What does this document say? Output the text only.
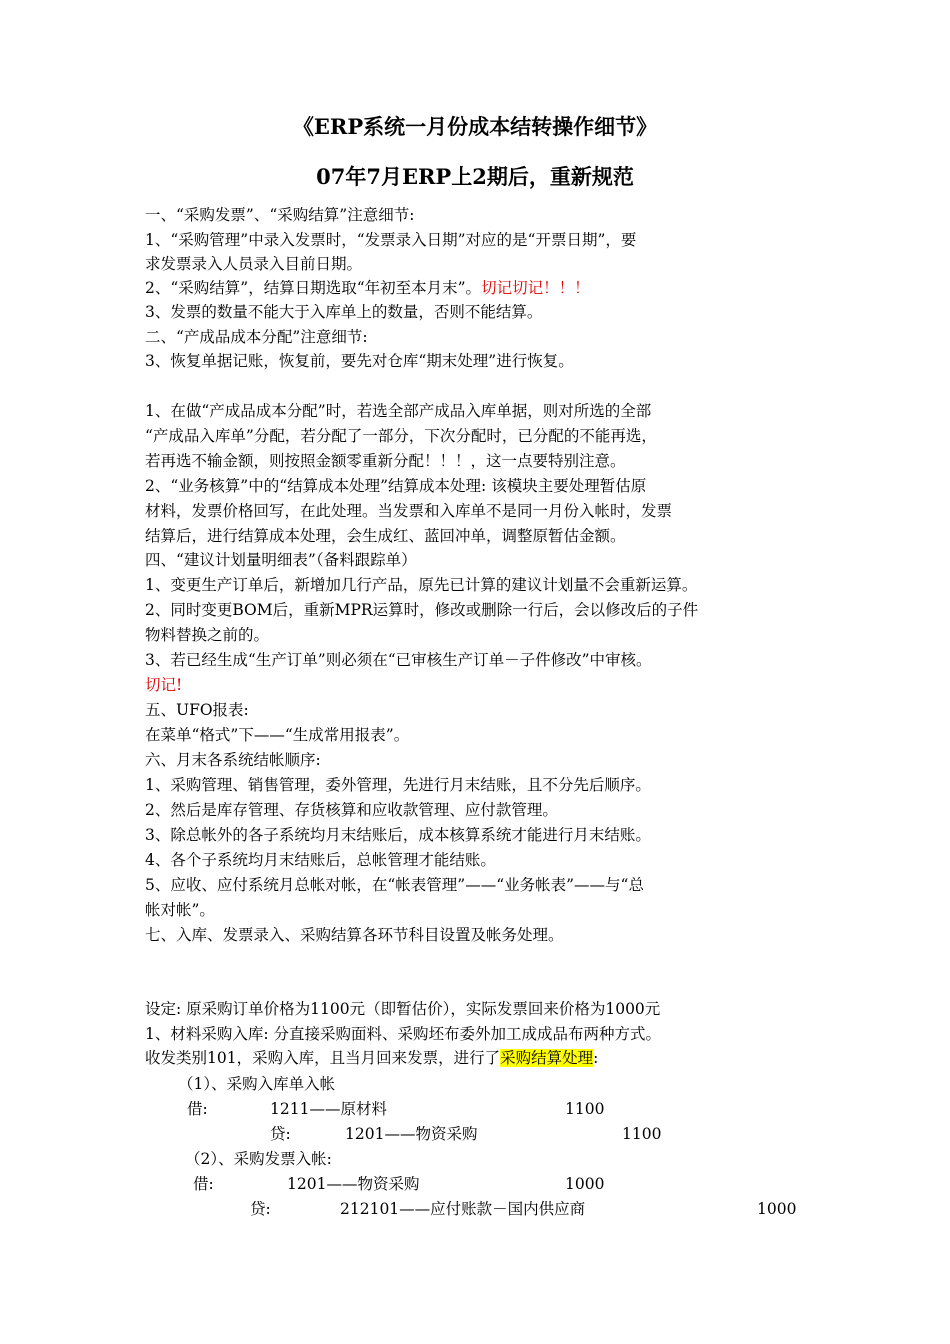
《ERP系统一月份成本结转操作细节》
07年7月ERP上2期后，重新规范
一、“采购发票”、“采购结算”注意细节:
1、“采购管理”中录入发票时，“发票录入日期”对应的是“开票日期”，要
求发票录入人员录入目前日期。
2、“采购结算”，结算日期选取“年初至本月末”。切记切记！！！
3、发票的数量不能大于入库单上的数量，否则不能结算。
二、“产成品成本分配”注意细节:
3、恢复单据记账，恢复前，要先对仓库“期末处理”进行恢复。
1、在做“产成品成本分配”时，若选全部产成品入库单据，则对所选的全部
“产成品入库单”分配，若分配了一部分，下次分配时，已分配的不能再选，
若再选不输金额，则按照金额零重新分配！！！，这一点要特别注意。
2、“业务核算”中的“结算成本处理”结算成本处理: 该模块主要处理暂估原
材料，发票价格回写，在此处理。当发票和入库单不是同一月份入帐时，发票
结算后，进行结算成本处理，会生成红、蓝回冲单，调整原暂估金额。
四、“建议计划量明细表”（备料跟踪单）
1、变更生产订单后，新增加几行产品，原先已计算的建议计划量不会重新运算。
2、同时变更BOM后，重新MPR运算时，修改或删除一行后，会以修改后的子件
物料替换之前的。
3、若已经生成“生产订单”则必须在“已审核生产订单－子件修改”中审核。
切记!
五、UFO报表:
在菜单“格式”下——“生成常用报表”。
六、月末各系统结帐顺序:
1、采购管理、销售管理，委外管理，先进行月末结账，且不分先后顺序。
2、然后是库存管理、存货核算和应收款管理、应付款管理。
3、除总帐外的各子系统均月末结账后，成本核算系统才能进行月末结账。
4、各个子系统均月末结账后，总帐管理才能结账。
5、应收、应付系统月总帐对帐，在“帐表管理”——“业务帐表”——与“总
帐对帐”。
七、入库、发票录入、采购结算各环节科目设置及帐务处理。
设定: 原采购订单价格为1100元（即暂估价），实际发票回来价格为1000元
1、材料采购入库: 分直接采购面料、采购坯布委外加工成成品布两种方式。
收发类别101，采购入库，且当月回来发票，进行了采购结算处理:
（1）、采购入库单入帐
借:	1211——原材料	1100
贷:	1201——物资采购	1100
（2）、采购发票入帐:
借:	1201——物资采购	1000
贷:	212101——应付账款－国内供应商	1000
